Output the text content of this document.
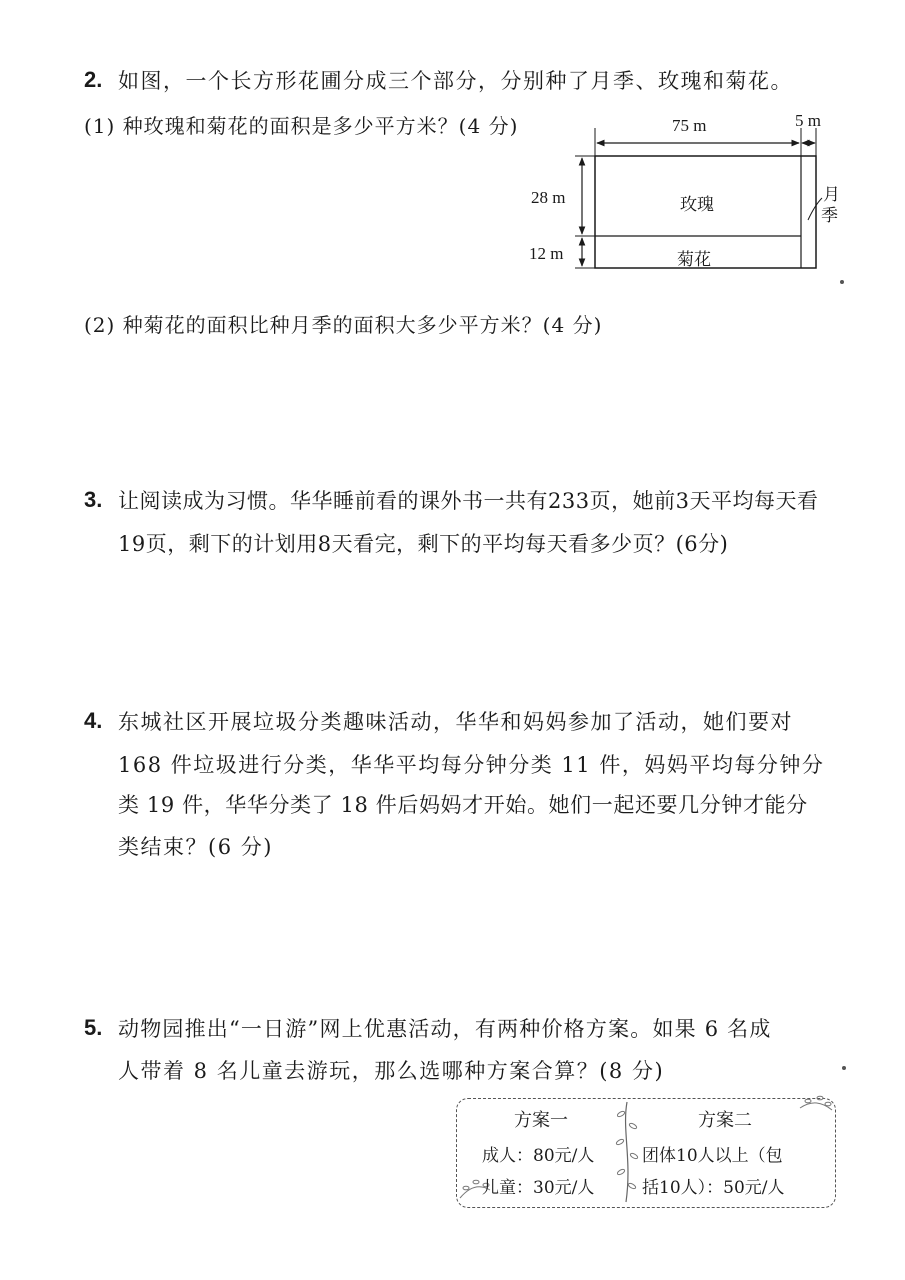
2. 如图，一个长方形花圃分成三个部分，分别种了月季、玫瑰和菊花。
(1) 种玫瑰和菊花的面积是多少平方米？(4 分)	75 m	5 m
28 m
12 m
玫瑰
菊花
月
季
(2) 种菊花的面积比种月季的面积大多少平方米？(4 分)
3. 让阅读成为习惯。华华睡前看的课外书一共有233页，她前3天平均每天看
19页，剩下的计划用8天看完，剩下的平均每天看多少页？(6分)
4. 东城社区开展垃圾分类趣味活动，华华和妈妈参加了活动，她们要对
168 件垃圾进行分类，华华平均每分钟分类 11 件，妈妈平均每分钟分
类 19 件，华华分类了 18 件后妈妈才开始。她们一起还要几分钟才能分
类结束？(6 分)
5. 动物园推出“一日游”网上优惠活动，有两种价格方案。如果 6 名成
人带着 8 名儿童去游玩，那么选哪种方案合算？(8 分)
方案一
成人：80元/人
儿童：30元/人
方案二
团体10人以上（包
括10人）：50元/人
